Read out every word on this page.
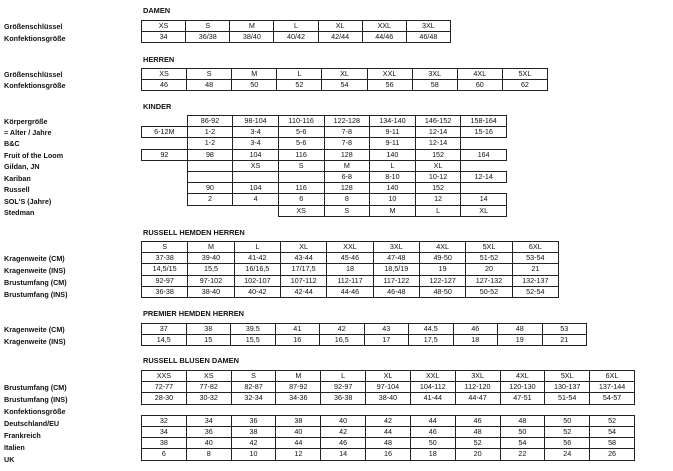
DAMEN
Größenschlüssel
Konfektionsgröße
XS	S	M	L	XL	XXL	3XL
34	36/38	38/40	40/42	42/44	44/46	46/48
HERREN
Größenschlüssel
Konfektionsgröße
XS	S	M	L	XL	XXL	3XL	4XL	5XL
46	48	50	52	54	56	58	60	62
KINDER
Körpergröße
= Alter / Jahre
B&C
Fruit of the Loom
Gildan, JN
Kariban
Russell
SOL'S (Jahre)
Stedman
	86-92	98-104	110-116	122-128	134-140	146-152	158-164
6-12M	1-2	3-4	5-6	7-8	9-11	12-14	15-16
	1-2	3-4	5-6	7-8	9-11	12-14	
92	98	104	116	128	140	152	164
		XS	S	M	L	XL	
				6-8	8-10	10-12	12-14
	90	104	116	128	140	152	
	2	4	6	8	10	12	14
			XS	S	M	L	XL
RUSSELL HEMDEN HERREN
Kragenweite (CM)
Kragenweite (INS)
Brustumfang (CM)
Brustumfang (INS)
S	M	L	XL	XXL	3XL	4XL	5XL	6XL
37-38	39-40	41-42	43-44	45-46	47-48	49-50	51-52	53-54
14,5/15	15,5	16/16,5	17/17,5	18	18,5/19	19	20	21
92-97	97-102	102-107	107-112	112-117	117-122	122-127	127-132	132-137
36-38	38-40	40-42	42-44	44-46	46-48	48-50	50-52	52-54
PREMIER HEMDEN HERREN
Kragenweite (CM)
Kragenweite (INS)
37	38	39.5	41	42	43	44.5	46	48	53
14,5	15	15,5	16	16,5	17	17,5	18	19	21
RUSSELL BLUSEN DAMEN
Brustumfang (CM)
Brustumfang (INS)
Konfektionsgröße
Deutschland/EU
Frankreich
Italien
UK
XXS	XS	S	M	L	XL	XXL	3XL	4XL	5XL	6XL
72-77	77-82	82-87	87-92	92-97	97-104	104-112	112-120	120-130	130-137	137-144
28-30	30-32	32-34	34-36	36-38	38-40	41-44	44-47	47-51	51-54	54-57

32	34	36	38	40	42	44	46	48	50	52
34	36	38	40	42	44	46	48	50	52	54
38	40	42	44	46	48	50	52	54	56	58
6	8	10	12	14	16	18	20	22	24	26
